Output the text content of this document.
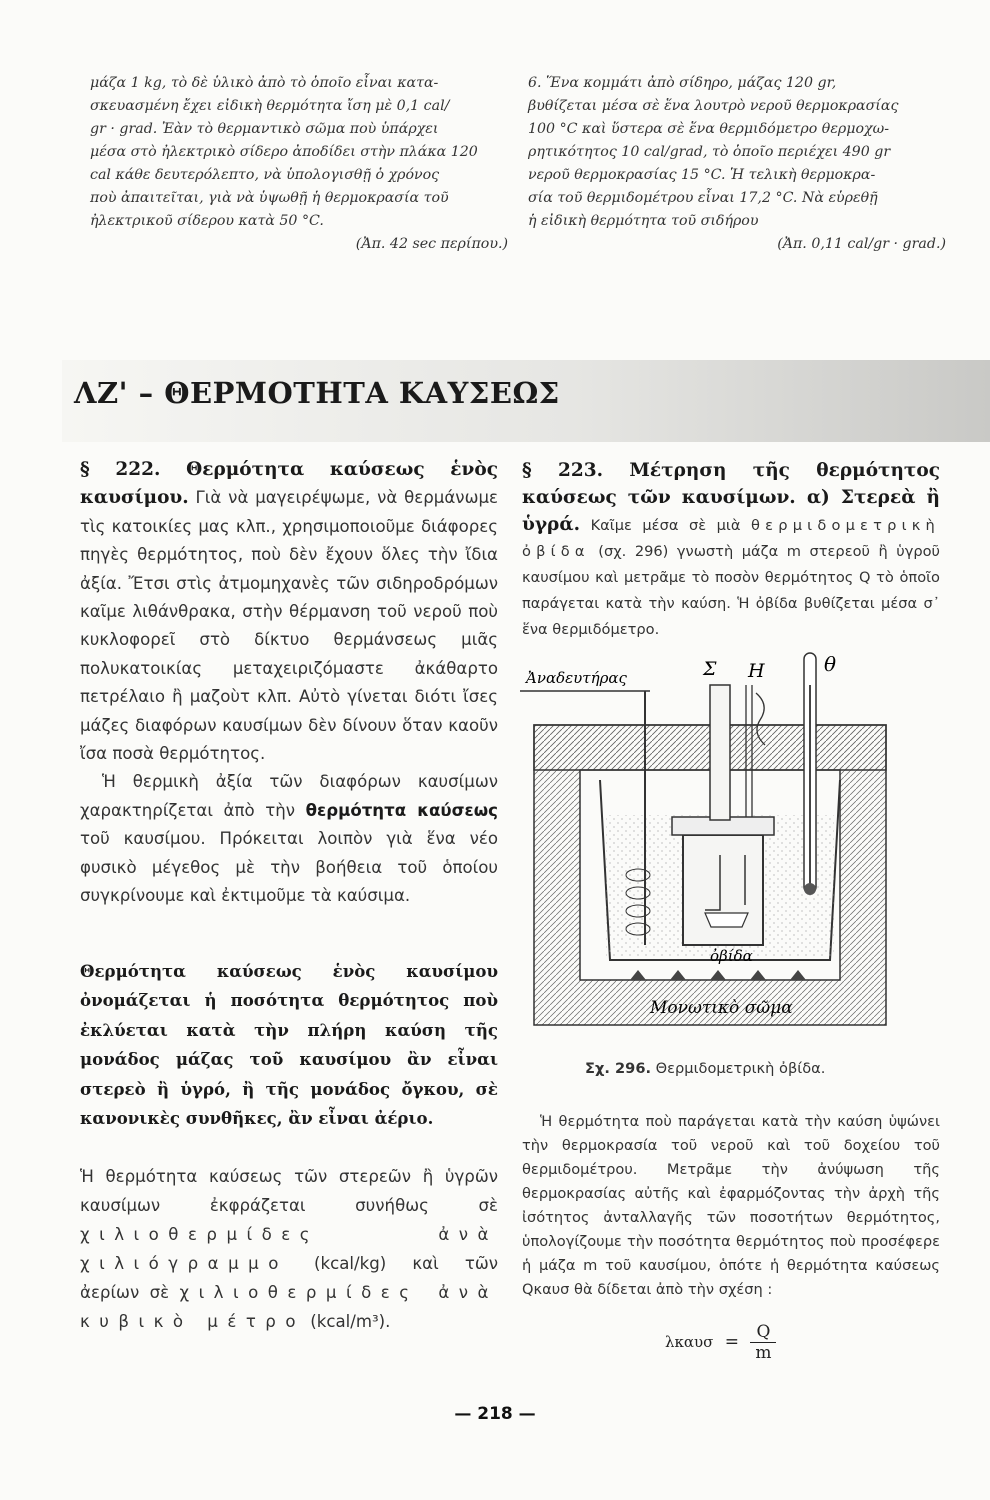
μάζα 1 kg, τὸ δὲ ὑλικὸ ἀπὸ τὸ ὁποῖο εἶναι κατα-

σκευασμένη ἔχει εἰδικὴ θερμότητα ἴση μὲ 0,1 cal/

gr · grad. Ἐὰν τὸ θερμαντικὸ σῶμα ποὺ ὑπάρχει

μέσα στὸ ἠλεκτρικὸ σίδερο ἀποδίδει στὴν πλάκα 120

cal κάθε δευτερόλεπτο, νὰ ὑπολογισθῇ ὁ χρόνος

ποὺ ἀπαιτεῖται, γιὰ νὰ ὑψωθῇ ἡ θερμοκρασία τοῦ

ἠλεκτρικοῦ σίδερου κατὰ 50 °C.

(Ἀπ. 42 sec περίπου.)

6. Ἕνα κομμάτι ἀπὸ σίδηρο, μάζας 120 gr,

βυθίζεται μέσα σὲ ἕνα λουτρὸ νεροῦ θερμοκρασίας

100 °C καὶ ὕστερα σὲ ἕνα θερμιδόμετρο θερμοχω-

ρητικότητος 10 cal/grad, τὸ ὁποῖο περιέχει 490 gr

νεροῦ θερμοκρασίας 15 °C. Ἡ τελικὴ θερμοκρα-

σία τοῦ θερμιδομέτρου εἶναι 17,2 °C. Νὰ εὑρεθῇ

ἡ εἰδικὴ θερμότητα τοῦ σιδήρου

(Ἀπ. 0,11 cal/gr · grad.)

ΛΖ' – ΘΕΡΜΟΤΗΤΑ ΚΑΥΣΕΩΣ

§ 222. Θερμότητα καύσεως ἑνὸς καυσίμου. Γιὰ νὰ μαγειρέψωμε, νὰ θερμάνωμε τὶς κατοικίες μας κλπ., χρησιμοποιοῦμε διάφορες πηγὲς θερμότητος, ποὺ δὲν ἔχουν ὅλες τὴν ἴδια ἀξία. Ἔτσι στὶς ἀτμομηχανὲς τῶν σιδηροδρόμων καῖμε λιθάνθρακα, στὴν θέρμανση τοῦ νεροῦ ποὺ κυκλοφορεῖ στὸ δίκτυο θερμάνσεως μιᾶς πολυκατοικίας μεταχειριζόμαστε ἀκάθαρτο πετρέλαιο ἢ μαζοὺτ κλπ. Αὐτὸ γίνεται διότι ἴσες μάζες διαφόρων καυσίμων δὲν δίνουν ὅταν καοῦν ἴσα ποσὰ θερμότητος.

Ἡ θερμικὴ ἀξία τῶν διαφόρων καυσίμων χαρακτηρίζεται ἀπὸ τὴν θερμότητα καύσεως τοῦ καυσίμου. Πρόκειται λοιπὸν γιὰ ἕνα νέο φυσικὸ μέγεθος μὲ τὴν βοήθεια τοῦ ὁποίου συγκρίνουμε καὶ ἐκτιμοῦμε τὰ καύσιμα.

Θερμότητα καύσεως ἑνὸς καυσίμου ὀνομάζεται ἡ ποσότητα θερμότητος ποὺ ἐκλύεται κατὰ τὴν πλήρη καύση τῆς μονάδος μάζας τοῦ καυσίμου ἂν εἶναι στερεὸ ἢ ὑγρό, ἢ τῆς μονάδος ὄγκου, σὲ κανονικὲς συνθῆκες, ἂν εἶναι ἀέριο.

Ἡ θερμότητα καύσεως τῶν στερεῶν ἢ ὑγρῶν καυσίμων ἐκφράζεται συνήθως σὲ χιλιοθερμίδες ἀνὰ χιλιόγραμμο (kcal/kg) καὶ τῶν ἀερίων σὲ χιλιοθερμίδες ἀνὰ κυβικὸ μέτρο (kcal/m³).

§ 223. Μέτρηση τῆς θερμότητος καύσεως τῶν καυσίμων. α) Στερεὰ ἢ ὑγρά. Καῖμε μέσα σὲ μιὰ θερμιδομετρικὴ ὀβίδα (σχ. 296) γνωστὴ μάζα m στερεοῦ ἢ ὑγροῦ καυσίμου καὶ μετρᾶμε τὸ ποσὸν θερμότητος Q τὸ ὁποῖο παράγεται κατὰ τὴν καύση. Ἡ ὀβίδα βυθίζεται μέσα σ᾽ ἕνα θερμιδόμετρο.

Ἀναδευτήρας	Σ Η	θ
ὀβίδα
Μονωτικὸ σῶμα

Σχ. 296. Θερμιδομετρικὴ ὀβίδα.

Ἡ θερμότητα ποὺ παράγεται κατὰ τὴν καύση ὑψώνει τὴν θερμοκρασία τοῦ νεροῦ καὶ τοῦ δοχείου τοῦ θερμιδομέτρου. Μετρᾶμε τὴν ἀνύψωση τῆς θερμοκρασίας αὐτῆς καὶ ἐφαρμόζοντας τὴν ἀρχὴ τῆς ἰσότητος ἀνταλλαγῆς τῶν ποσοτήτων θερμότητος, ὑπολογίζουμε τὴν ποσότητα θερμότητος ποὺ προσέφερε ἡ μάζα m τοῦ καυσίμου, ὁπότε ἡ θερμότητα καύσεως Qκαυσ θὰ δίδεται ἀπὸ τὴν σχέση :

$\lambda\kappa\alpha\upsilon\sigma = \frac{Q}{m}$
— 218 —
